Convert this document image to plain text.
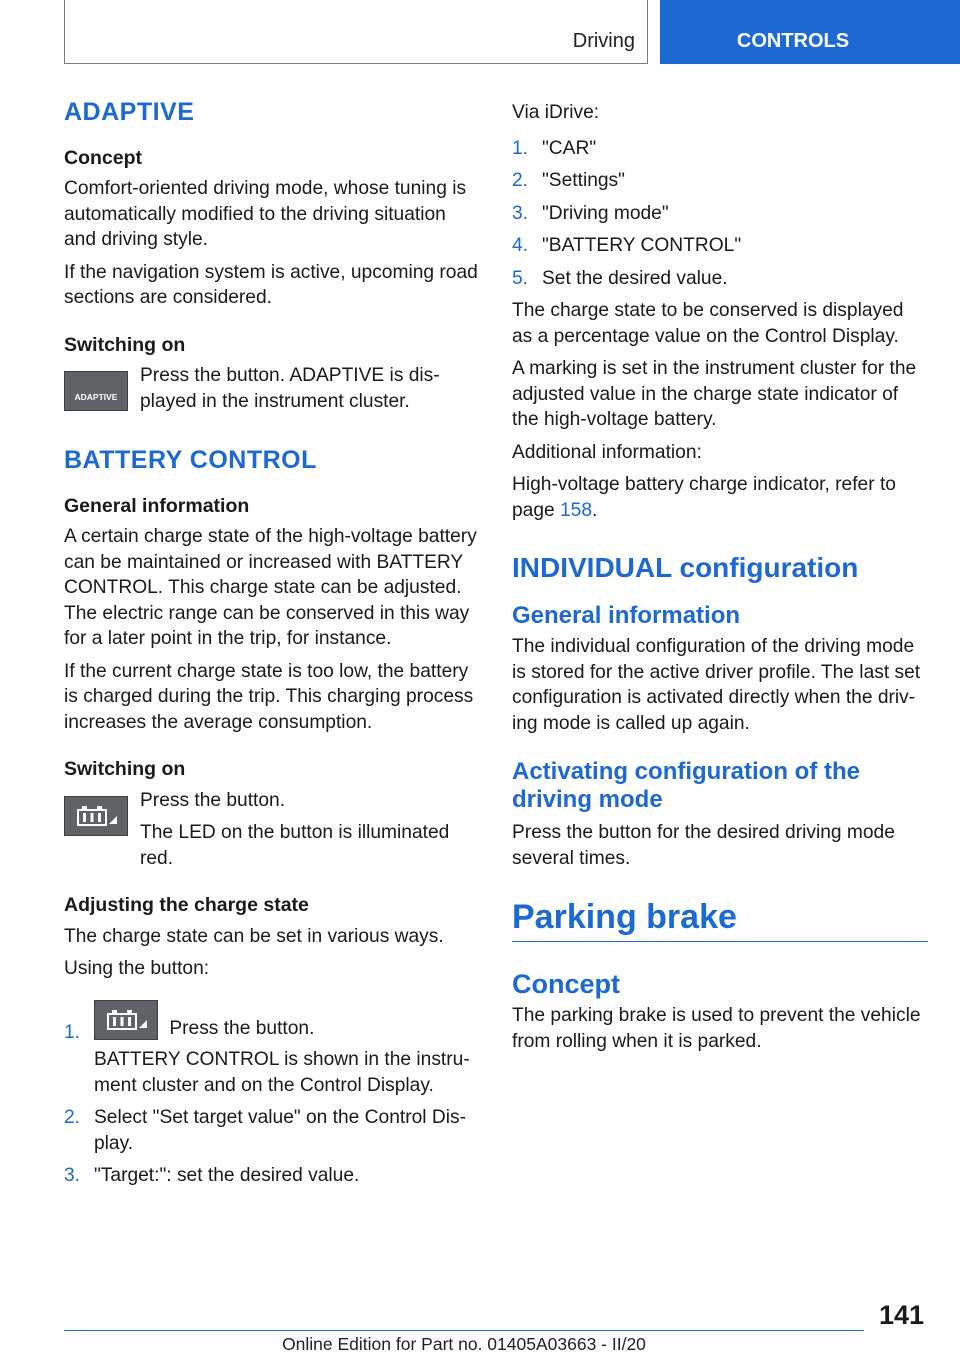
Driving	CONTROLS
ADAPTIVE
Concept

Comfort-oriented driving mode, whose tuning is automatically modified to the driving situation and driving style.

If the navigation system is active, upcoming road sections are considered.

Switching on
ADAPTIVE
Press the button. ADAPTIVE is displayed in the instrument cluster.
BATTERY CONTROL
General information

A certain charge state of the high-voltage battery can be maintained or increased with BATTERY CONTROL. This charge state can be adjusted. The electric range can be conserved in this way for a later point in the trip, for instance.

If the current charge state is too low, the battery is charged during the trip. This charging process increases the average consumption.

Switching on
Press the button.
The LED on the button is illuminated red.
Adjusting the charge state

The charge state can be set in various ways.

Using the button:

1.	Press the button.
BATTERY CONTROL is shown in the instrument cluster and on the Control Display.
2. Select "Set target value" on the Control Display.
3. "Target:": set the desired value.

Via iDrive:

1. "CAR"
2. "Settings"
3. "Driving mode"
4. "BATTERY CONTROL"
5. Set the desired value.

The charge state to be conserved is displayed as a percentage value on the Control Display.

A marking is set in the instrument cluster for the adjusted value in the charge state indicator of the high-voltage battery.

Additional information:

High-voltage battery charge indicator, refer to page 158.

INDIVIDUAL configuration
General information

The individual configuration of the driving mode is stored for the active driver profile. The last set configuration is activated directly when the driving mode is called up again.

Activating configuration of the driving mode

Press the button for the desired driving mode several times.

Parking brake
Concept

The parking brake is used to prevent the vehicle from rolling when it is parked.

141
Online Edition for Part no. 01405A03663 - II/20
